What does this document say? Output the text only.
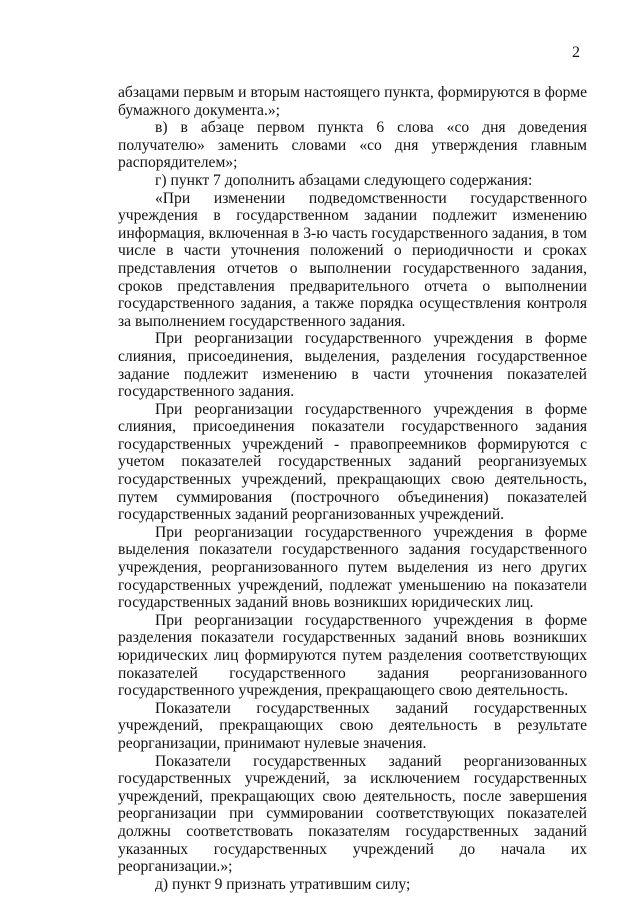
2

абзацами первым и вторым настоящего пункта, формируются в форме бумажного документа.»;

в) в абзаце первом пункта 6 слова «со дня доведения получателю» заменить словами «со дня утверждения главным распорядителем»;

г) пункт 7 дополнить абзацами следующего содержания:

«При изменении подведомственности государственного учреждения в государственном задании подлежит изменению информация, включенная в 3-ю часть государственного задания, в том числе в части уточнения положений о периодичности и сроках представления отчетов о выполнении государственного задания, сроков представления предварительного отчета о выполнении государственного задания, а также порядка осуществления контроля за выполнением государственного задания.

При реорганизации государственного учреждения в форме слияния, присоединения, выделения, разделения государственное задание подлежит изменению в части уточнения показателей государственного задания.

При реорганизации государственного учреждения в форме слияния, присоединения показатели государственного задания государственных учреждений - правопреемников формируются с учетом показателей государственных заданий реорганизуемых государственных учреждений, прекращающих свою деятельность, путем суммирования (построчного объединения) показателей государственных заданий реорганизованных учреждений.

При реорганизации государственного учреждения в форме выделения показатели государственного задания государственного учреждения, реорганизованного путем выделения из него других государственных учреждений, подлежат уменьшению на показатели государственных заданий вновь возникших юридических лиц.

При реорганизации государственного учреждения в форме разделения показатели государственных заданий вновь возникших юридических лиц формируются путем разделения соответствующих показателей государственного задания реорганизованного государственного учреждения, прекращающего свою деятельность.

Показатели государственных заданий государственных учреждений, прекращающих свою деятельность в результате реорганизации, принимают нулевые значения.

Показатели государственных заданий реорганизованных государственных учреждений, за исключением государственных учреждений, прекращающих свою деятельность, после завершения реорганизации при суммировании соответствующих показателей должны соответствовать показателям государственных заданий указанных государственных учреждений до начала их реорганизации.»;

д) пункт 9 признать утратившим силу;
